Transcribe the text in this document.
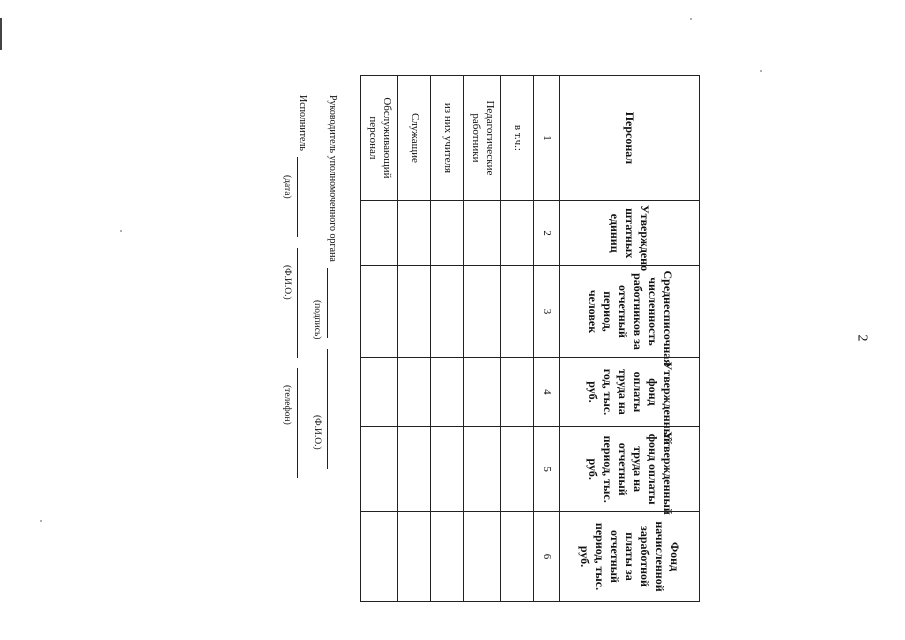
2
Персонал	Утверждено штатных единиц	Среднесписочная численность работников за отчетный период, человек	Утвержденный фонд оплаты труда на год, тыс. руб.	Утвержденный фонд оплаты труда на отчетный период, тыс. руб.	Фонд начисленной заработной платы за отчетный период, тыс. руб.
1	2	3	4	5	6
в т.ч.:					
Педагогические работники					
из них учителя					
Служащие					
Обслуживающий персонал					
Руководитель уполномоченного органа
(подпись)
(Ф.И.О.)
Исполнитель
(дата)
(Ф.И.О.)
(телефон)
